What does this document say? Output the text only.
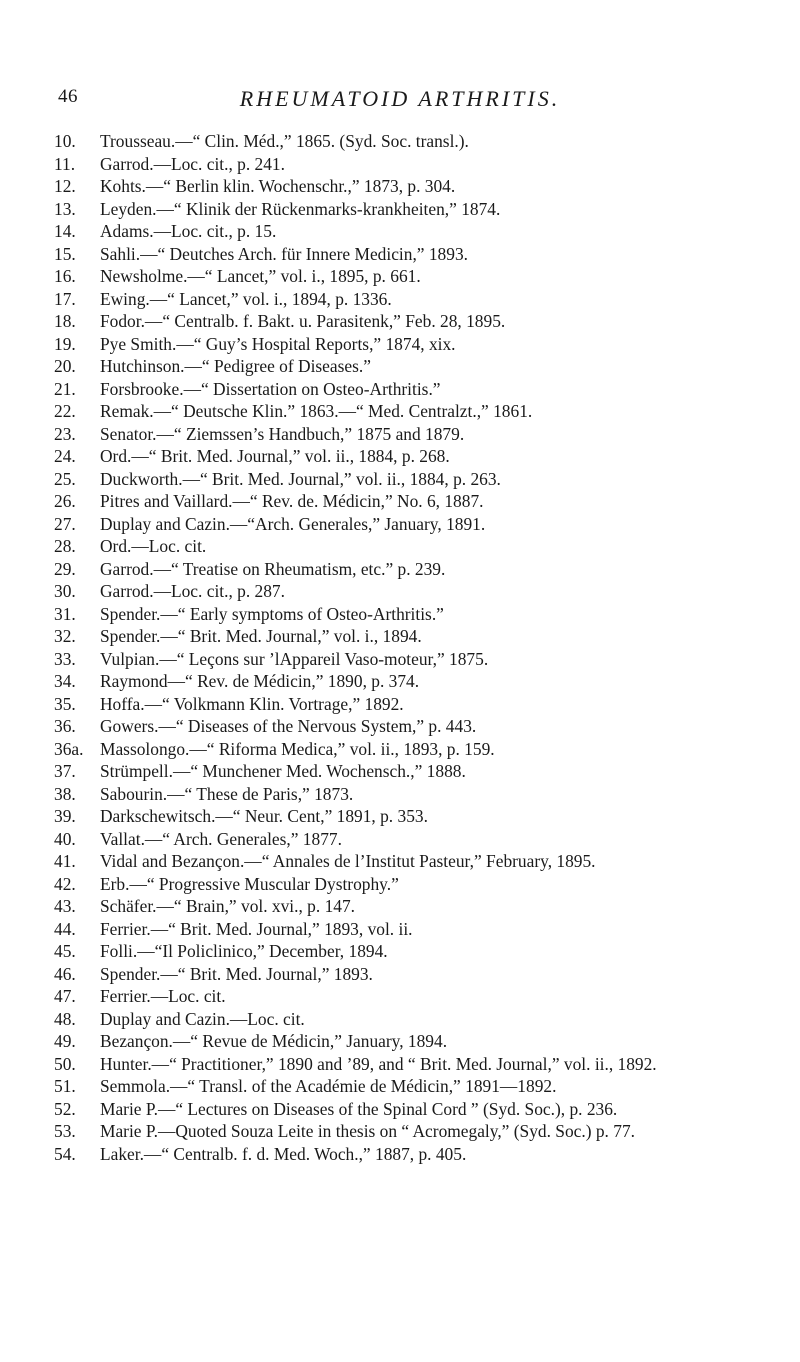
46	RHEUMATOID ARTHRITIS.
10.	Trousseau.—“ Clin. Méd.,” 1865. (Syd. Soc. transl.).
11.	Garrod.—Loc. cit., p. 241.
12.	Kohts.—“ Berlin klin. Wochenschr.,” 1873, p. 304.
13.	Leyden.—“ Klinik der Rückenmarks-krankheiten,” 1874.
14.	Adams.—Loc. cit., p. 15.
15.	Sahli.—“ Deutches Arch. für Innere Medicin,” 1893.
16.	Newsholme.—“ Lancet,” vol. i., 1895, p. 661.
17.	Ewing.—“ Lancet,” vol. i., 1894, p. 1336.
18.	Fodor.—“ Centralb. f. Bakt. u. Parasitenk,” Feb. 28, 1895.
19.	Pye Smith.—“ Guy’s Hospital Reports,” 1874, xix.
20.	Hutchinson.—“ Pedigree of Diseases.”
21.	Forsbrooke.—“ Dissertation on Osteo-Arthritis.”
22.	Remak.—“ Deutsche Klin.” 1863.—“ Med. Centralzt.,” 1861.
23.	Senator.—“ Ziemssen’s Handbuch,” 1875 and 1879.
24.	Ord.—“ Brit. Med. Journal,” vol. ii., 1884, p. 268.
25.	Duckworth.—“ Brit. Med. Journal,” vol. ii., 1884, p. 263.
26.	Pitres and Vaillard.—“ Rev. de. Médicin,” No. 6, 1887.
27.	Duplay and Cazin.—“Arch. Generales,” January, 1891.
28.	Ord.—Loc. cit.
29.	Garrod.—“ Treatise on Rheumatism, etc.” p. 239.
30.	Garrod.—Loc. cit., p. 287.
31.	Spender.—“ Early symptoms of Osteo-Arthritis.”
32.	Spender.—“ Brit. Med. Journal,” vol. i., 1894.
33.	Vulpian.—“ Leçons sur ’lAppareil Vaso-moteur,” 1875.
34.	Raymond—“ Rev. de Médicin,” 1890, p. 374.
35.	Hoffa.—“ Volkmann Klin. Vortrage,” 1892.
36.	Gowers.—“ Diseases of the Nervous System,” p. 443.
36a. Massolongo.—“ Riforma Medica,” vol. ii., 1893, p. 159.
37.	Strümpell.—“ Munchener Med. Wochensch.,” 1888.
38.	Sabourin.—“ These de Paris,” 1873.
39.	Darkschewitsch.—“ Neur. Cent,” 1891, p. 353.
40.	Vallat.—“ Arch. Generales,” 1877.
41.	Vidal and Bezançon.—“ Annales de l’Institut Pasteur,” February, 1895.
42.	Erb.—“ Progressive Muscular Dystrophy.”
43.	Schäfer.—“ Brain,” vol. xvi., p. 147.
44.	Ferrier.—“ Brit. Med. Journal,” 1893, vol. ii.
45.	Folli.—“Il Policlinico,” December, 1894.
46.	Spender.—“ Brit. Med. Journal,” 1893.
47.	Ferrier.—Loc. cit.
48.	Duplay and Cazin.—Loc. cit.
49.	Bezançon.—“ Revue de Médicin,” January, 1894.
50.	Hunter.—“ Practitioner,” 1890 and ’89, and “ Brit. Med. Journal,” vol. ii., 1892.
51.	Semmola.—“ Transl. of the Académie de Médicin,” 1891—1892.
52.	Marie P.—“ Lectures on Diseases of the Spinal Cord ” (Syd. Soc.), p. 236.
53.	Marie P.—Quoted Souza Leite in thesis on “ Acromegaly,” (Syd. Soc.) p. 77.
54.	Laker.—“ Centralb. f. d. Med. Woch.,” 1887, p. 405.
